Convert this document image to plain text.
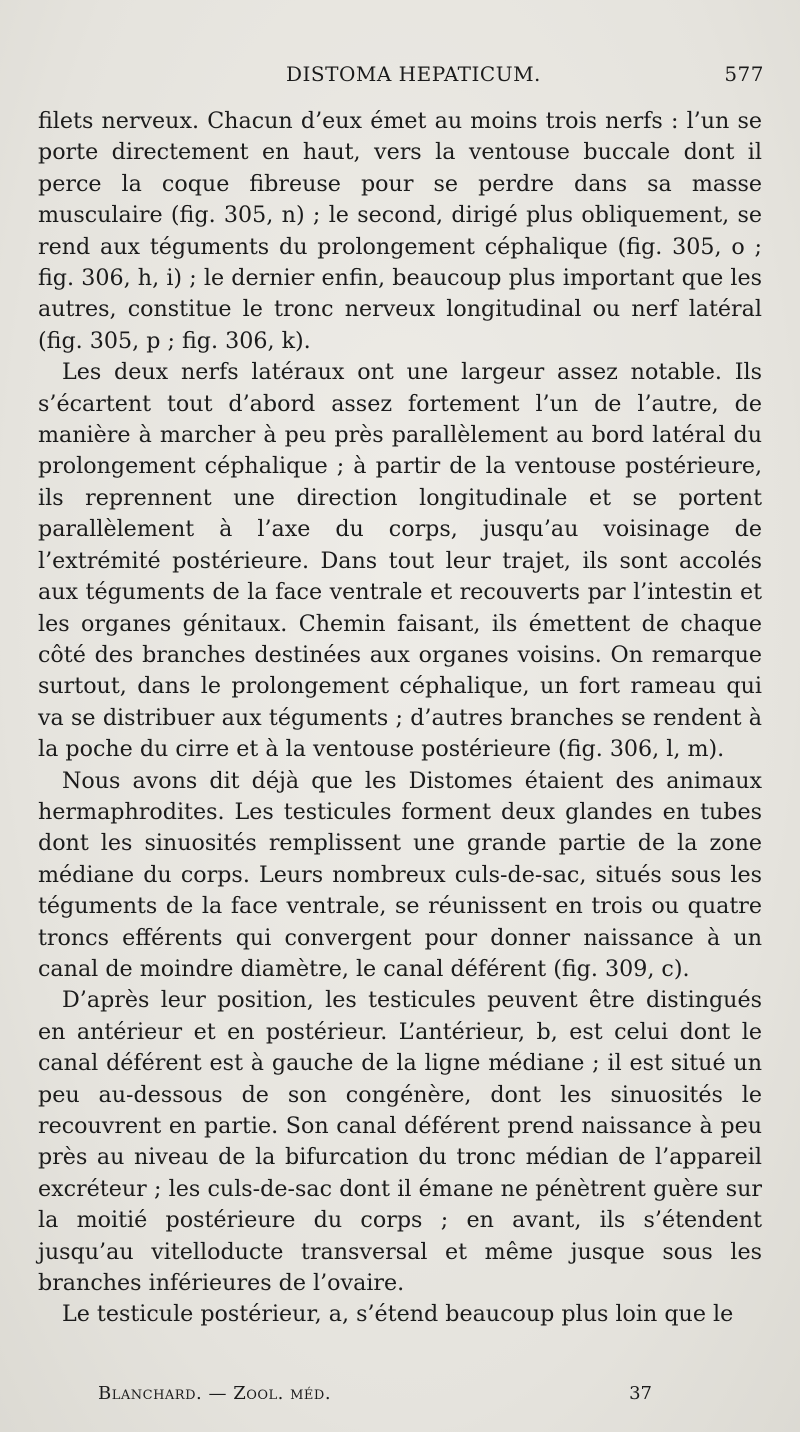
DISTOMA HEPATICUM.	577

filets nerveux. Chacun d’eux émet au moins trois nerfs : l’un se porte directement en haut, vers la ventouse buccale dont il perce la coque fibreuse pour se perdre dans sa masse musculaire (fig. 305, n) ; le second, dirigé plus obliquement, se rend aux téguments du prolongement céphalique (fig. 305, o ; fig. 306, h, i) ; le dernier enfin, beaucoup plus important que les autres, constitue le tronc nerveux longitudinal ou nerf latéral (fig. 305, p ; fig. 306, k).

Les deux nerfs latéraux ont une largeur assez notable. Ils s’écartent tout d’abord assez fortement l’un de l’autre, de manière à marcher à peu près parallèlement au bord latéral du prolongement céphalique ; à partir de la ventouse postérieure, ils reprennent une direction longitudinale et se portent parallèlement à l’axe du corps, jusqu’au voisinage de l’extrémité postérieure. Dans tout leur trajet, ils sont accolés aux téguments de la face ventrale et recouverts par l’intestin et les organes génitaux. Chemin faisant, ils émettent de chaque côté des branches destinées aux organes voisins. On remarque surtout, dans le prolongement céphalique, un fort rameau qui va se distribuer aux téguments ; d’autres branches se rendent à la poche du cirre et à la ventouse postérieure (fig. 306, l, m).

Nous avons dit déjà que les Distomes étaient des animaux hermaphrodites. Les testicules forment deux glandes en tubes dont les sinuosités remplissent une grande partie de la zone médiane du corps. Leurs nombreux culs-de-sac, situés sous les téguments de la face ventrale, se réunissent en trois ou quatre troncs efférents qui convergent pour donner naissance à un canal de moindre diamètre, le canal déférent (fig. 309, c).

D’après leur position, les testicules peuvent être distingués en antérieur et en postérieur. L’antérieur, b, est celui dont le canal déférent est à gauche de la ligne médiane ; il est situé un peu au-dessous de son congénère, dont les sinuosités le recouvrent en partie. Son canal déférent prend naissance à peu près au niveau de la bifurcation du tronc médian de l’appareil excréteur ; les culs-de-sac dont il émane ne pénètrent guère sur la moitié postérieure du corps ; en avant, ils s’étendent jusqu’au vitelloducte transversal et même jusque sous les branches inférieures de l’ovaire.

Le testicule postérieur, a, s’étend beaucoup plus loin que le

Blanchard. — Zool. méd.	37
